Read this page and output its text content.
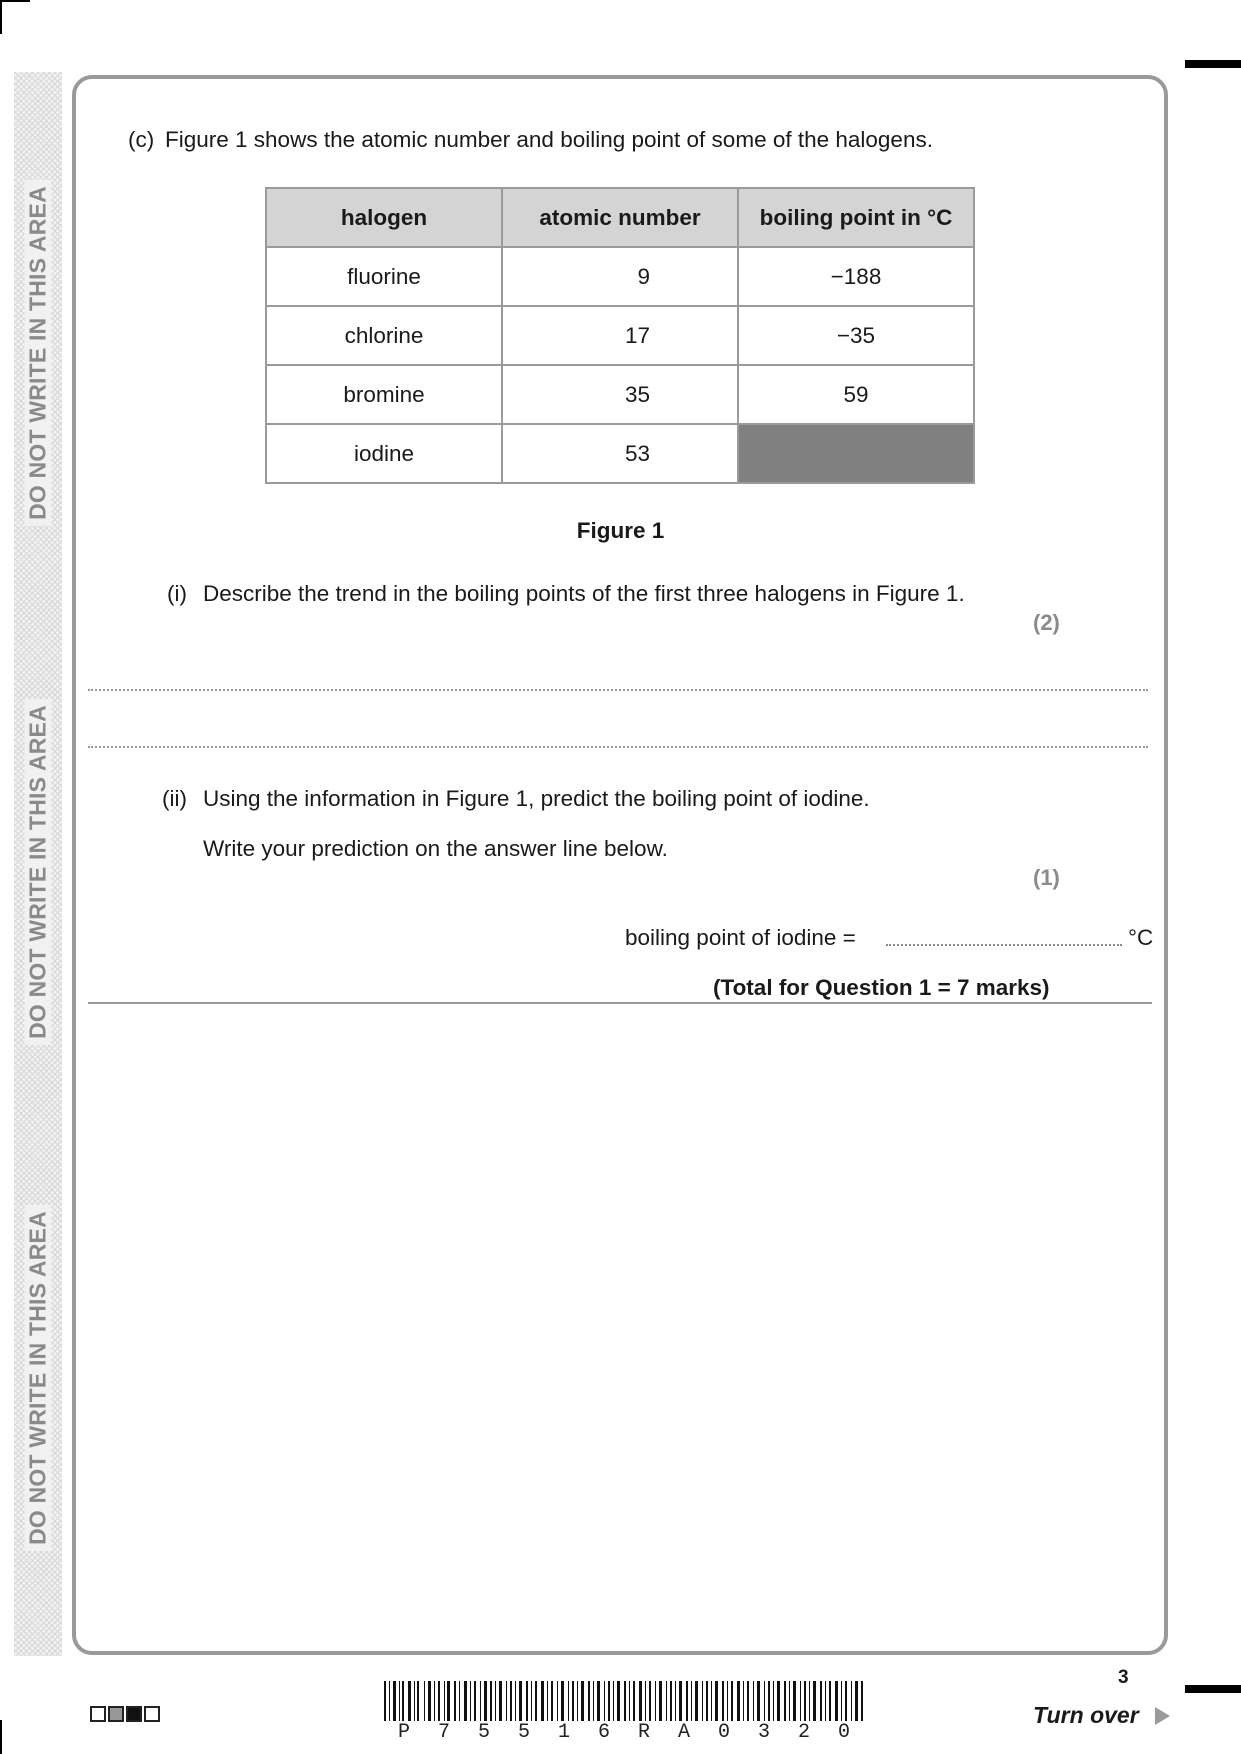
DO NOT WRITE IN THIS AREA
DO NOT WRITE IN THIS AREA
DO NOT WRITE IN THIS AREA
(c) Figure 1 shows the atomic number and boiling point of some of the halogens.
halogen	atomic number	boiling point in °C
fluorine	9	−188
chlorine	17	−35
bromine	35	59
iodine	53	
Figure 1
(i) Describe the trend in the boiling points of the first three halogens in Figure 1.
(2)
(ii) Using the information in Figure 1, predict the boiling point of iodine.
Write your prediction on the answer line below.
(1)
boiling point of iodine =	°C
(Total for Question 1 = 7 marks)
P 7 5 5 1 6 R A 0 3 2 0
3
Turn over
